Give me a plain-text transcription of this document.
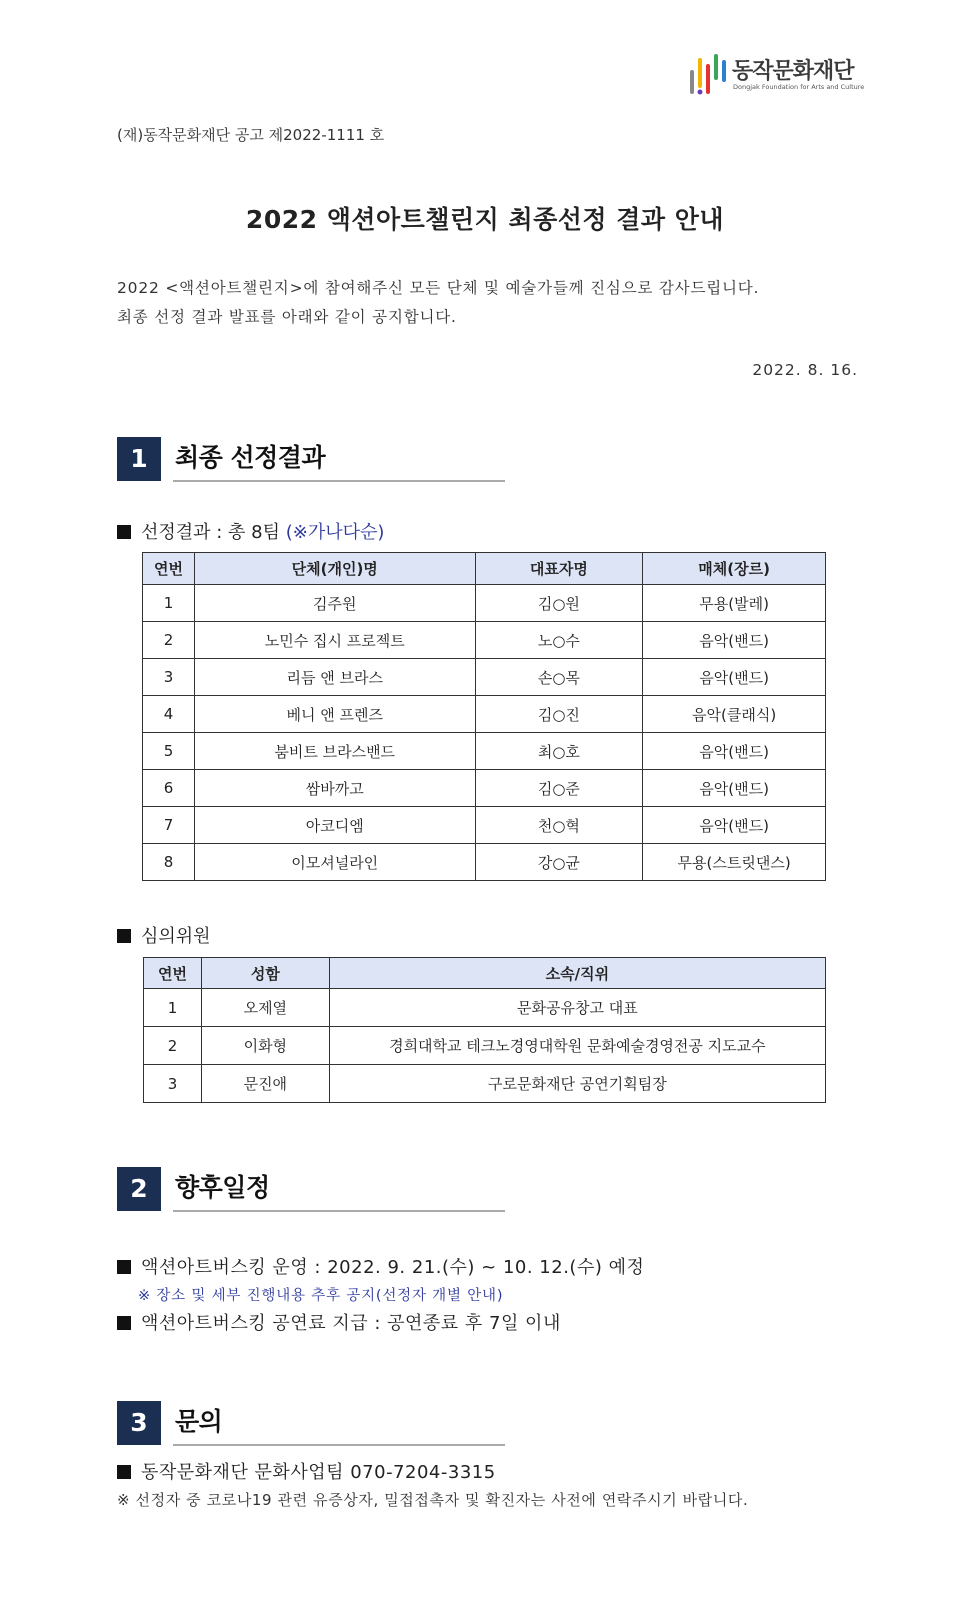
동작문화재단
Dongjak Foundation for Arts and Culture
(재)동작문화재단 공고 제2022-1111 호
2022 액션아트챌린지 최종선정 결과 안내
2022 <액션아트챌린지>에 참여해주신 모든 단체 및 예술가들께 진심으로 감사드립니다.
최종 선정 결과 발표를 아래와 같이 공지합니다.
2022. 8. 16.
1	최종 선정결과
선정결과 : 총 8팀 (※가나다순)
연번	단체(개인)명	대표자명	매체(장르)
1	김주원	김○원	무용(발레)
2	노민수 집시 프로젝트	노○수	음악(밴드)
3	리듬 앤 브라스	손○목	음악(밴드)
4	베니 앤 프렌즈	김○진	음악(클래식)
5	붐비트 브라스밴드	최○호	음악(밴드)
6	쌈바까고	김○준	음악(밴드)
7	아코디엠	천○혁	음악(밴드)
8	이모셔널라인	강○균	무용(스트릿댄스)
심의위원
연번	성함	소속/직위
1	오제열	문화공유창고 대표
2	이화형	경희대학교 테크노경영대학원 문화예술경영전공 지도교수
3	문진애	구로문화재단 공연기획팀장
2	향후일정
액션아트버스킹 운영 : 2022. 9. 21.(수) ~ 10. 12.(수) 예정
※ 장소 및 세부 진행내용 추후 공지(선정자 개별 안내)
액션아트버스킹 공연료 지급 : 공연종료 후 7일 이내
3	문의
동작문화재단 문화사업팀 070-7204-3315
※ 선정자 중 코로나19 관련 유증상자, 밀접접촉자 및 확진자는 사전에 연락주시기 바랍니다.
